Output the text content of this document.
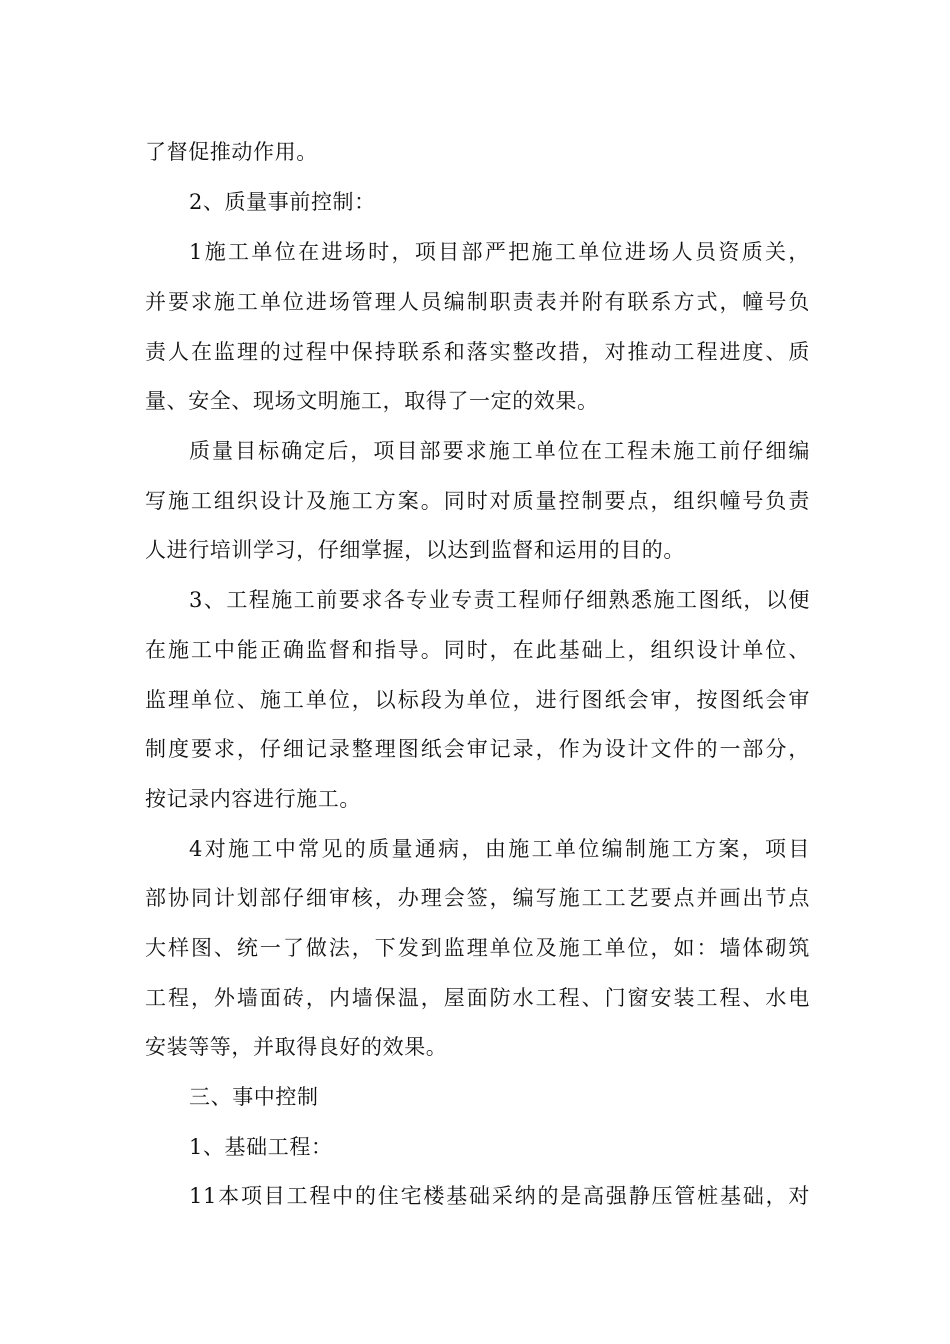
了督促推动作用。
2、质量事前控制：
1施工单位在进场时，项目部严把施工单位进场人员资质关，
并要求施工单位进场管理人员编制职责表并附有联系方式，幢号负
责人在监理的过程中保持联系和落实整改措，对推动工程进度、质
量、安全、现场文明施工，取得了一定的效果。
质量目标确定后，项目部要求施工单位在工程未施工前仔细编
写施工组织设计及施工方案。同时对质量控制要点，组织幢号负责
人进行培训学习，仔细掌握，以达到监督和运用的目的。
3、工程施工前要求各专业专责工程师仔细熟悉施工图纸，以便
在施工中能正确监督和指导。同时，在此基础上，组织设计单位、
监理单位、施工单位，以标段为单位，进行图纸会审，按图纸会审
制度要求，仔细记录整理图纸会审记录，作为设计文件的一部分，
按记录内容进行施工。
4对施工中常见的质量通病，由施工单位编制施工方案，项目
部协同计划部仔细审核，办理会签，编写施工工艺要点并画出节点
大样图、统一了做法，下发到监理单位及施工单位，如：墙体砌筑
工程，外墙面砖，内墙保温，屋面防水工程、门窗安装工程、水电
安装等等，并取得良好的效果。
三、事中控制
1、基础工程：
11本项目工程中的住宅楼基础采纳的是高强静压管桩基础，对
